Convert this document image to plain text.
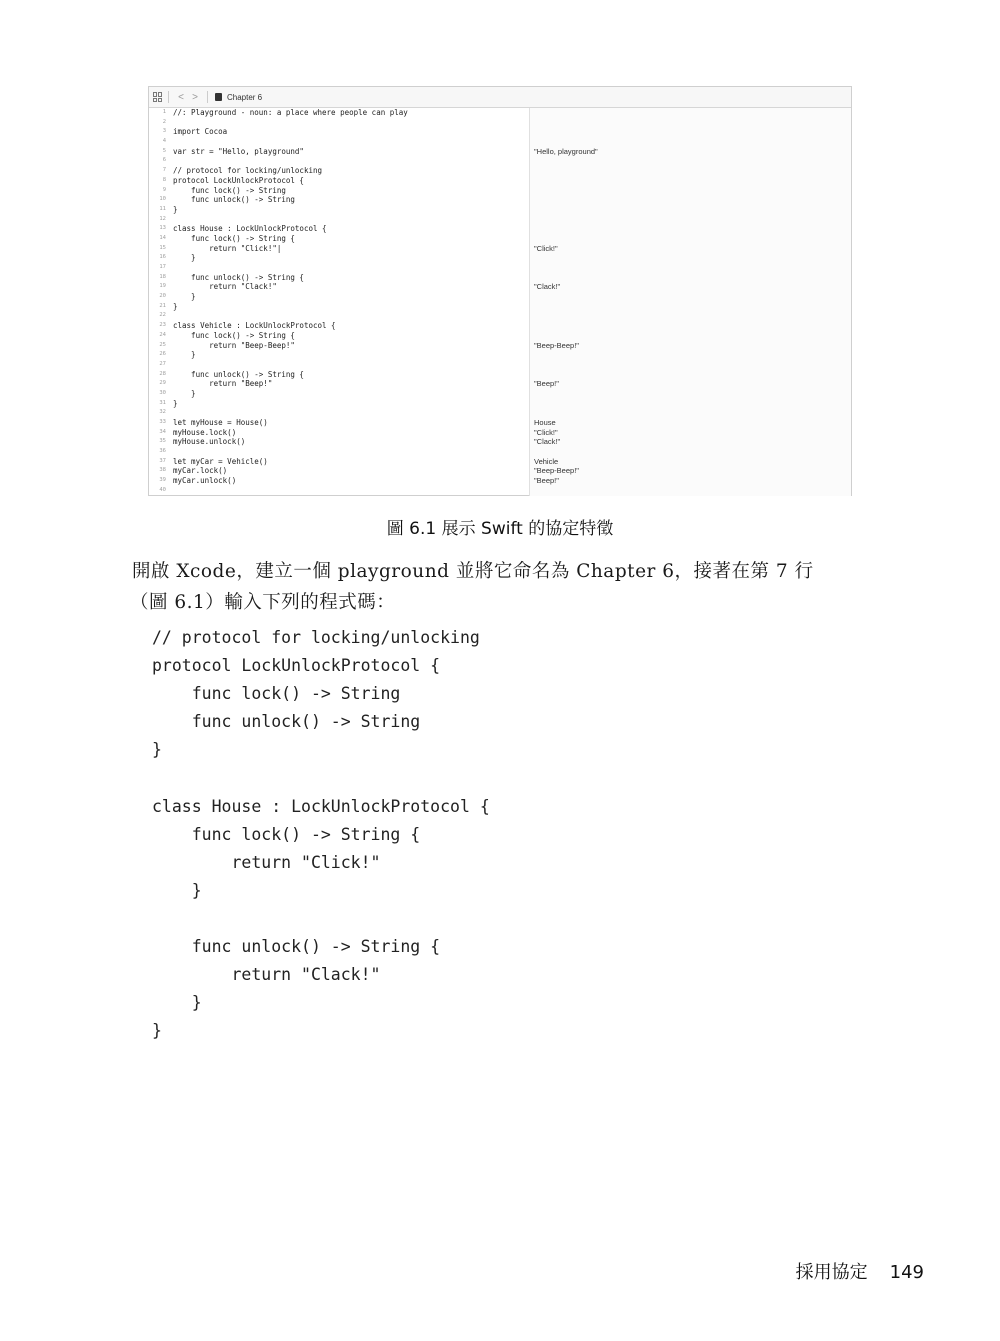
< >	Chapter 6
1
2
3
4
5
6
7
8
9
10
11
12
13
14
15
16
17
18
19
20
21
22
23
24
25
26
27
28
29
30
31
32
33
34
35
36
37
38
39
40
//: Playground - noun: a place where people can play
import Cocoa
var str = "Hello, playground"
// protocol for locking/unlocking
protocol LockUnlockProtocol {
func lock() -> String
func unlock() -> String
}
class House : LockUnlockProtocol {
func lock() -> String {
return "Click!"|
}
func unlock() -> String {
return "Clack!"
}
}
class Vehicle : LockUnlockProtocol {
func lock() -> String {
return "Beep-Beep!"
}
func unlock() -> String {
return "Beep!"
}
}
let myHouse = House()
myHouse.lock()
myHouse.unlock()
let myCar = Vehicle()
myCar.lock()
myCar.unlock()
"Hello, playground"
"Click!"
"Clack!"
"Beep-Beep!"
"Beep!"
House
"Click!"
"Clack!"
Vehicle
"Beep-Beep!"
"Beep!"
圖 6.1 展示 Swift 的協定特徵

開啟 Xcode，建立一個 playground 並將它命名為 Chapter 6，接著在第 7 行

（圖 6.1）輸入下列的程式碼：

// protocol for locking/unlocking
protocol LockUnlockProtocol {
func lock() -> String
func unlock() -> String
}
class House : LockUnlockProtocol {
func lock() -> String {
return "Click!"
}
func unlock() -> String {
return "Clack!"
}
}
採用協定 149
